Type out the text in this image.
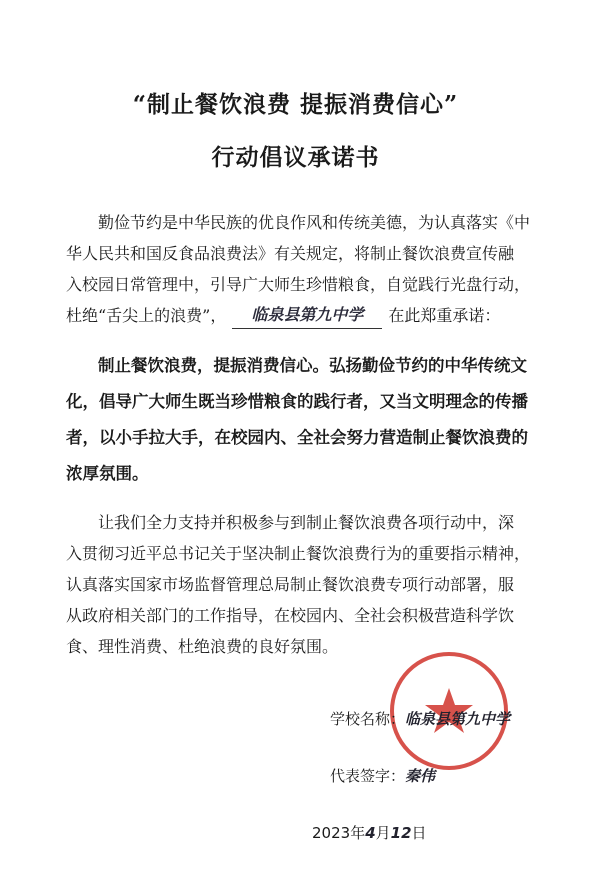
“制止餐饮浪费 提振消费信心”
行动倡议承诺书

勤俭节约是中华民族的优良作风和传统美德，为认真落实《中
华人民共和国反食品浪费法》有关规定，将制止餐饮浪费宣传融
入校园日常管理中，引导广大师生珍惜粮食，自觉践行光盘行动，
杜绝“舌尖上的浪费”， 临泉县第九中学 在此郑重承诺：

制止餐饮浪费，提振消费信心。弘扬勤俭节约的中华传统文
化，倡导广大师生既当珍惜粮食的践行者，又当文明理念的传播
者，以小手拉大手，在校园内、全社会努力营造制止餐饮浪费的
浓厚氛围。

让我们全力支持并积极参与到制止餐饮浪费各项行动中，深
入贯彻习近平总书记关于坚决制止餐饮浪费行为的重要指示精神，
认真落实国家市场监督管理总局制止餐饮浪费专项行动部署，服
从政府相关部门的工作指导，在校园内、全社会积极营造科学饮
食、理性消费、杜绝浪费的良好氛围。

学校名称：临泉县第九中学
代表签字：秦伟
2023年4月12日
